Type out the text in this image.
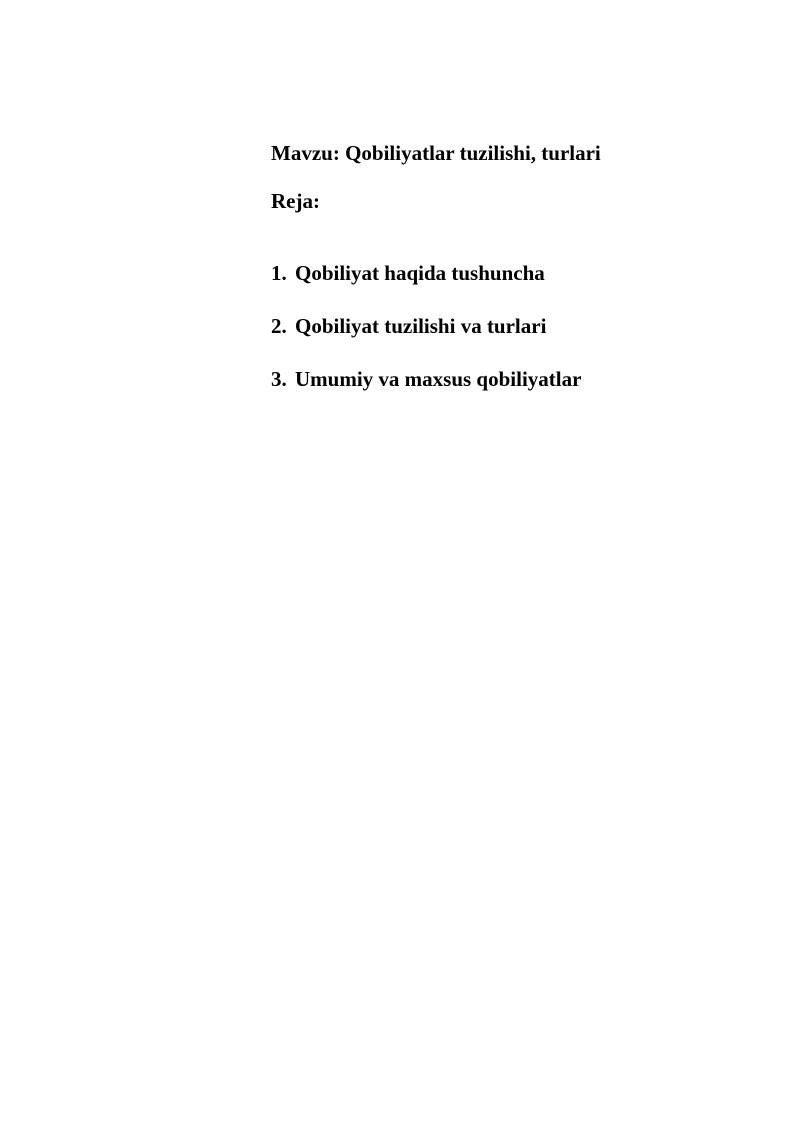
Mavzu: Qobiliyatlar tuzilishi, turlari
Reja:
1. Qobiliyat haqida tushuncha
2. Qobiliyat tuzilishi va turlari
3. Umumiy va maxsus qobiliyatlar
